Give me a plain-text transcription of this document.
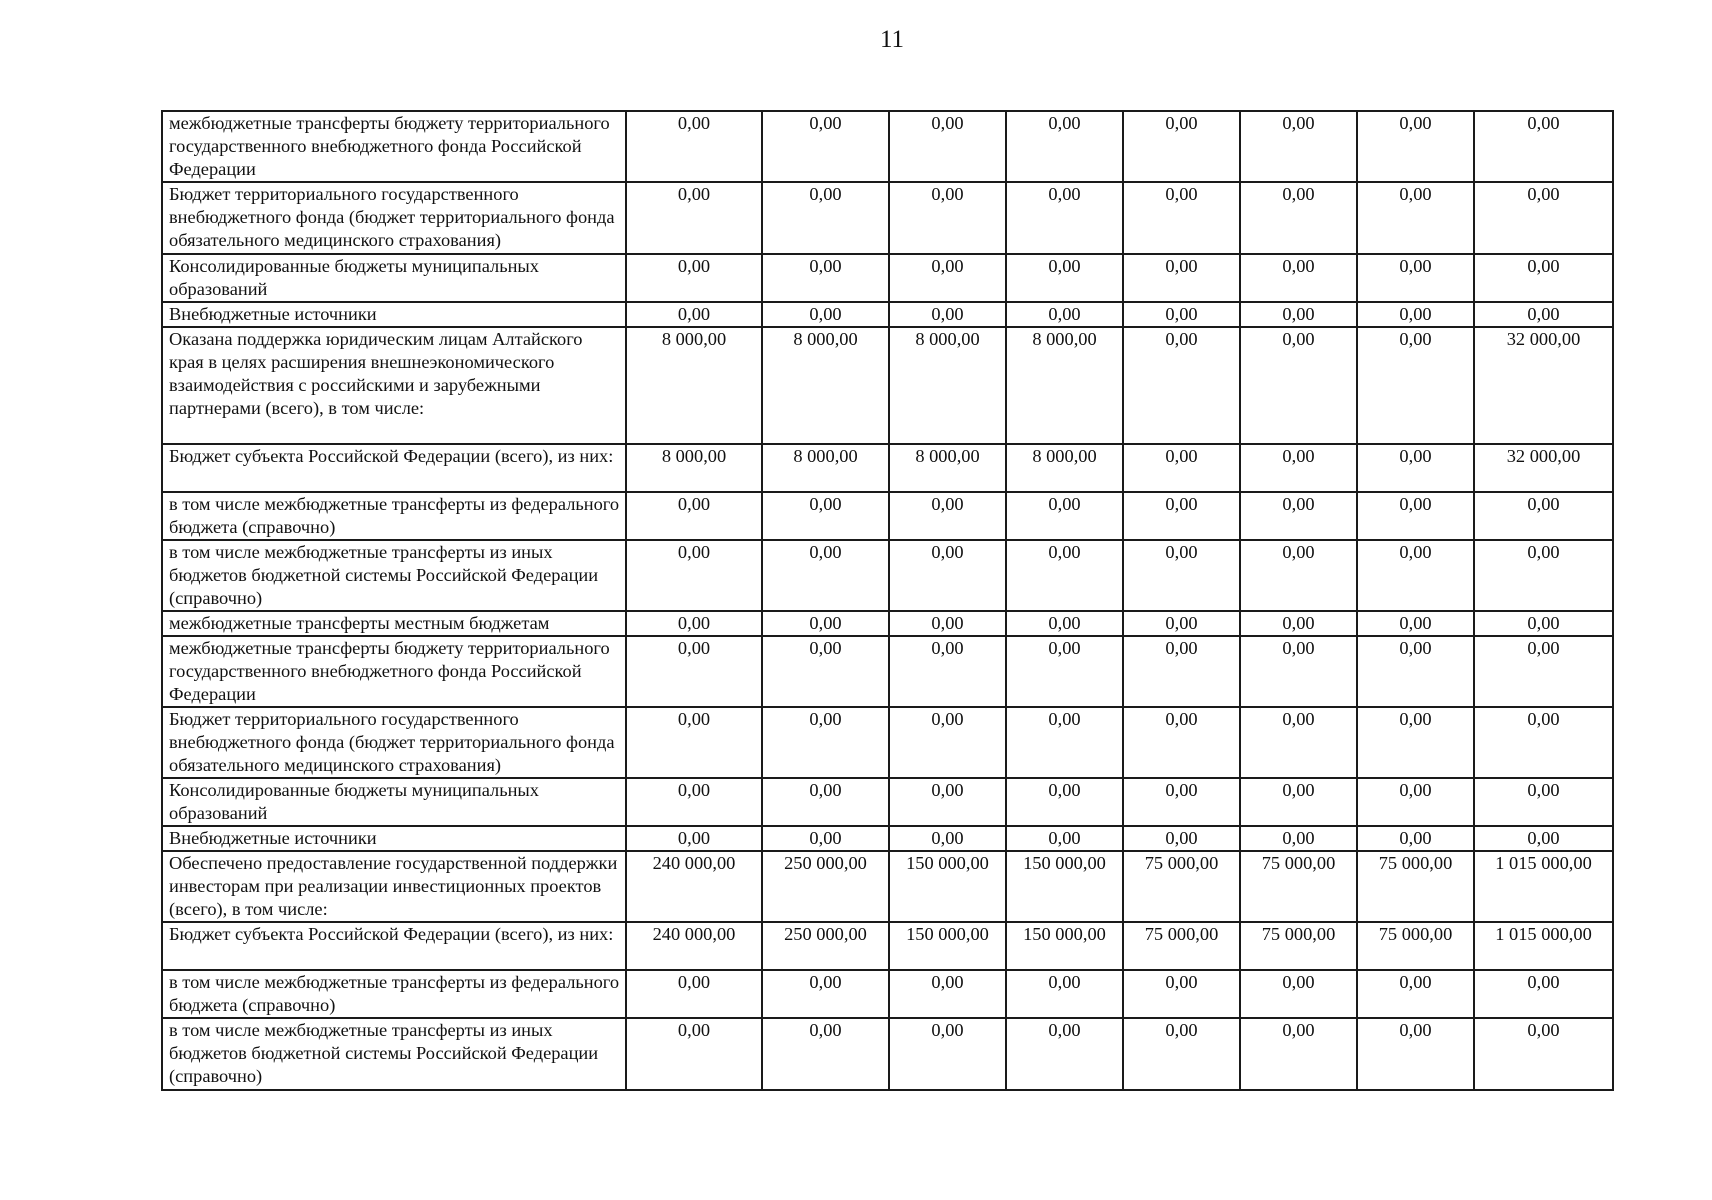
11
межбюджетные трансферты бюджету территориального государственного внебюджетного фонда Российской Федерации	0,00	0,00	0,00	0,00	0,00	0,00	0,00	0,00
Бюджет территориального государственного внебюджетного фонда (бюджет территориального фонда обязательного медицинского страхования)	0,00	0,00	0,00	0,00	0,00	0,00	0,00	0,00
Консолидированные бюджеты муниципальных образований	0,00	0,00	0,00	0,00	0,00	0,00	0,00	0,00
Внебюджетные источники	0,00	0,00	0,00	0,00	0,00	0,00	0,00	0,00
Оказана поддержка юридическим лицам Алтайского края в целях расширения внешнеэкономического взаимодействия с российскими и зарубежными партнерами (всего), в том числе:	8 000,00	8 000,00	8 000,00	8 000,00	0,00	0,00	0,00	32 000,00
Бюджет субъекта Российской Федерации (всего), из них:	8 000,00	8 000,00	8 000,00	8 000,00	0,00	0,00	0,00	32 000,00
в том числе межбюджетные трансферты из федерального бюджета (справочно)	0,00	0,00	0,00	0,00	0,00	0,00	0,00	0,00
в том числе межбюджетные трансферты из иных бюджетов бюджетной системы Российской Федерации (справочно)	0,00	0,00	0,00	0,00	0,00	0,00	0,00	0,00
межбюджетные трансферты местным бюджетам	0,00	0,00	0,00	0,00	0,00	0,00	0,00	0,00
межбюджетные трансферты бюджету территориального государственного внебюджетного фонда Российской Федерации	0,00	0,00	0,00	0,00	0,00	0,00	0,00	0,00
Бюджет территориального государственного внебюджетного фонда (бюджет территориального фонда обязательного медицинского страхования)	0,00	0,00	0,00	0,00	0,00	0,00	0,00	0,00
Консолидированные бюджеты муниципальных образований	0,00	0,00	0,00	0,00	0,00	0,00	0,00	0,00
Внебюджетные источники	0,00	0,00	0,00	0,00	0,00	0,00	0,00	0,00
Обеспечено предоставление государственной поддержки инвесторам при реализации инвестиционных проектов (всего), в том числе:	240 000,00	250 000,00	150 000,00	150 000,00	75 000,00	75 000,00	75 000,00	1 015 000,00
Бюджет субъекта Российской Федерации (всего), из них:	240 000,00	250 000,00	150 000,00	150 000,00	75 000,00	75 000,00	75 000,00	1 015 000,00
в том числе межбюджетные трансферты из федерального бюджета (справочно)	0,00	0,00	0,00	0,00	0,00	0,00	0,00	0,00
в том числе межбюджетные трансферты из иных бюджетов бюджетной системы Российской Федерации (справочно)	0,00	0,00	0,00	0,00	0,00	0,00	0,00	0,00
